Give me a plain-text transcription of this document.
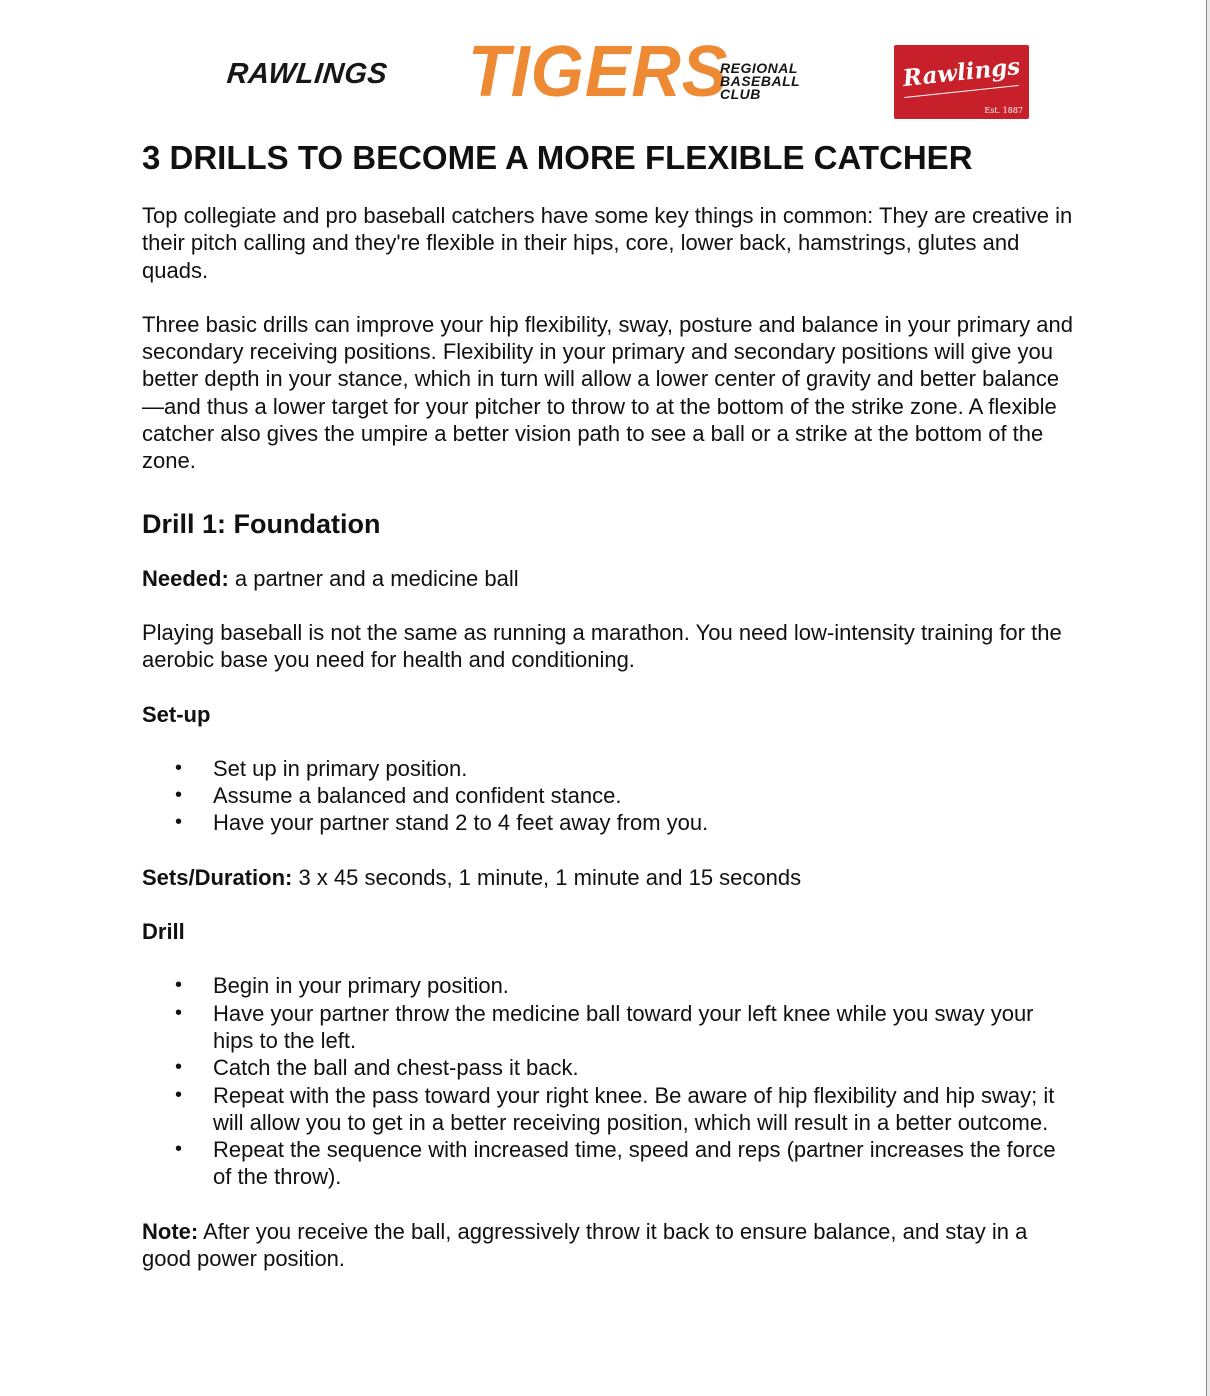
RAWLINGS TIGERS
REGIONAL
BASEBALL
CLUB
Rawlings
Est. 1887
3 DRILLS TO BECOME A MORE FLEXIBLE CATCHER

Top collegiate and pro baseball catchers have some key things in common: They are creative in their pitch calling and they're flexible in their hips, core, lower back, hamstrings, glutes and quads.

Three basic drills can improve your hip flexibility, sway, posture and balance in your primary and secondary receiving positions. Flexibility in your primary and secondary positions will give you better depth in your stance, which in turn will allow a lower center of gravity and better balance—and thus a lower target for your pitcher to throw to at the bottom of the strike zone. A flexible catcher also gives the umpire a better vision path to see a ball or a strike at the bottom of the zone.

Drill 1: Foundation

Needed: a partner and a medicine ball

Playing baseball is not the same as running a marathon. You need low-intensity training for the aerobic base you need for health and conditioning.

Set-up

• Set up in primary position.
• Assume a balanced and confident stance.
• Have your partner stand 2 to 4 feet away from you.

Sets/Duration: 3 x 45 seconds, 1 minute, 1 minute and 15 seconds

Drill

• Begin in your primary position.
• Have your partner throw the medicine ball toward your left knee while you sway your hips to the left.
• Catch the ball and chest-pass it back.
• Repeat with the pass toward your right knee. Be aware of hip flexibility and hip sway; it will allow you to get in a better receiving position, which will result in a better outcome.
• Repeat the sequence with increased time, speed and reps (partner increases the force of the throw).

Note: After you receive the ball, aggressively throw it back to ensure balance, and stay in a good power position.
